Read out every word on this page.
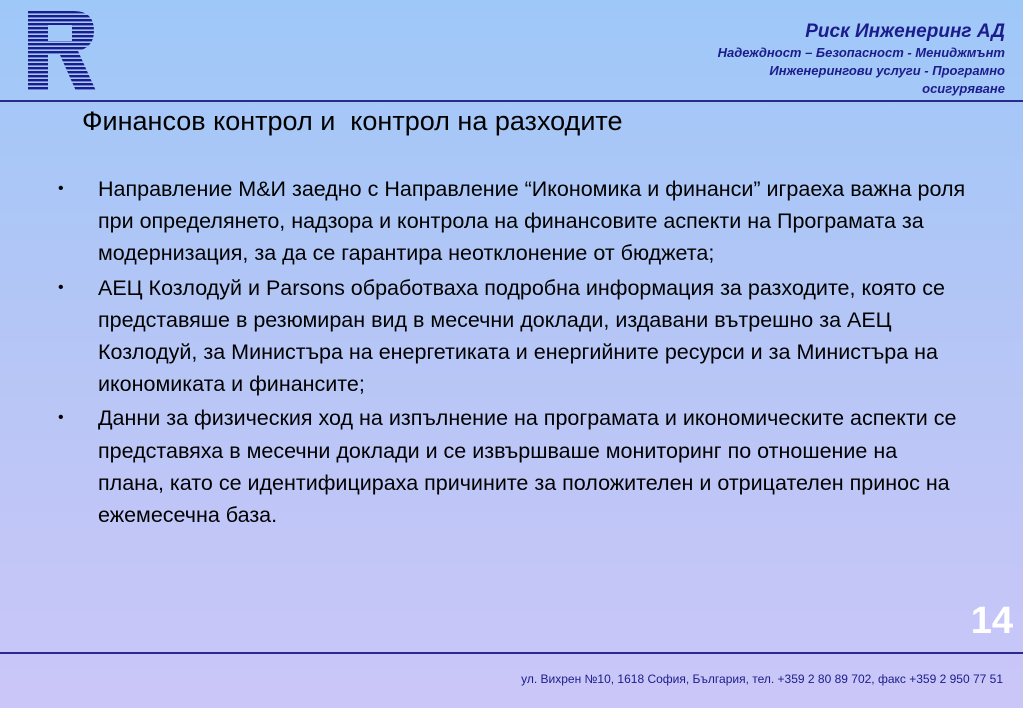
Риск Инженеринг АД
Надеждност – Безопасност - Мениджмънт Инженерингови услуги - Програмно осигуряване
Финансов контрол и  контрол на разходите
• Направление М&И заедно с Направление “Икономика и финанси” играеха важна роля при определянето, надзора и контрола на финансовите аспекти на Програмата за модернизация, за да се гарантира неотклонение от бюджета;
• АЕЦ Козлодуй и Parsons обработваха подробна информация за разходите, която се представяше в резюмиран вид в месечни доклади, издавани вътрешно за АЕЦ Козлодуй, за Министъра на енергетиката и енергийните ресурси и за Министъра на икономиката и финансите;
• Данни за физическия ход на изпълнение на програмата и икономическите аспекти се представяха в месечни доклади и се извършваше мониторинг по отношение на плана, като се идентифицираха причините за положителен и отрицателен принос на ежемесечна база.
14
ул. Вихрен №10, 1618 София, България, тел. +359 2 80 89 702, факс +359 2 950 77 51
